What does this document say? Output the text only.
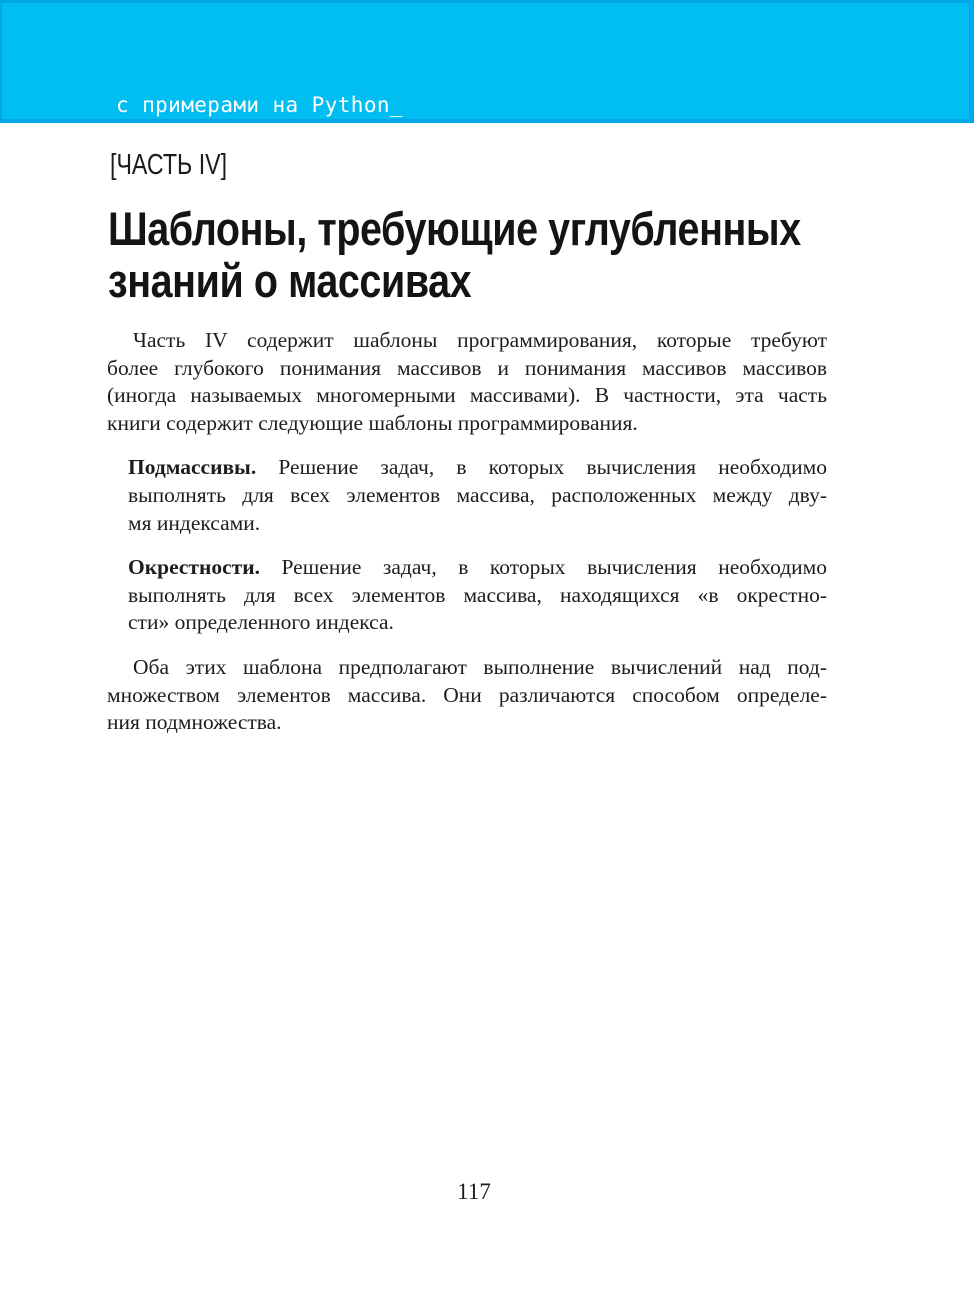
с примерами на Python_
[ЧАСТЬ IV]
Шаблоны, требующие углубленных
знаний о массивах
Часть IV содержит шаблоны программирования, которые требуют
более глубокого понимания массивов и понимания массивов массивов
(иногда называемых многомерными массивами). В частности, эта часть
книги содержит следующие шаблоны программирования.
Подмассивы. Решение задач, в которых вычисления необходимо
выполнять для всех элементов массива, расположенных между дву-
мя индексами.
Окрестности. Решение задач, в которых вычисления необходимо
выполнять для всех элементов массива, находящихся «в окрестно-
сти» определенного индекса.
Оба этих шаблона предполагают выполнение вычислений над под-
множеством элементов массива. Они различаются способом определе-
ния подмножества.
117
